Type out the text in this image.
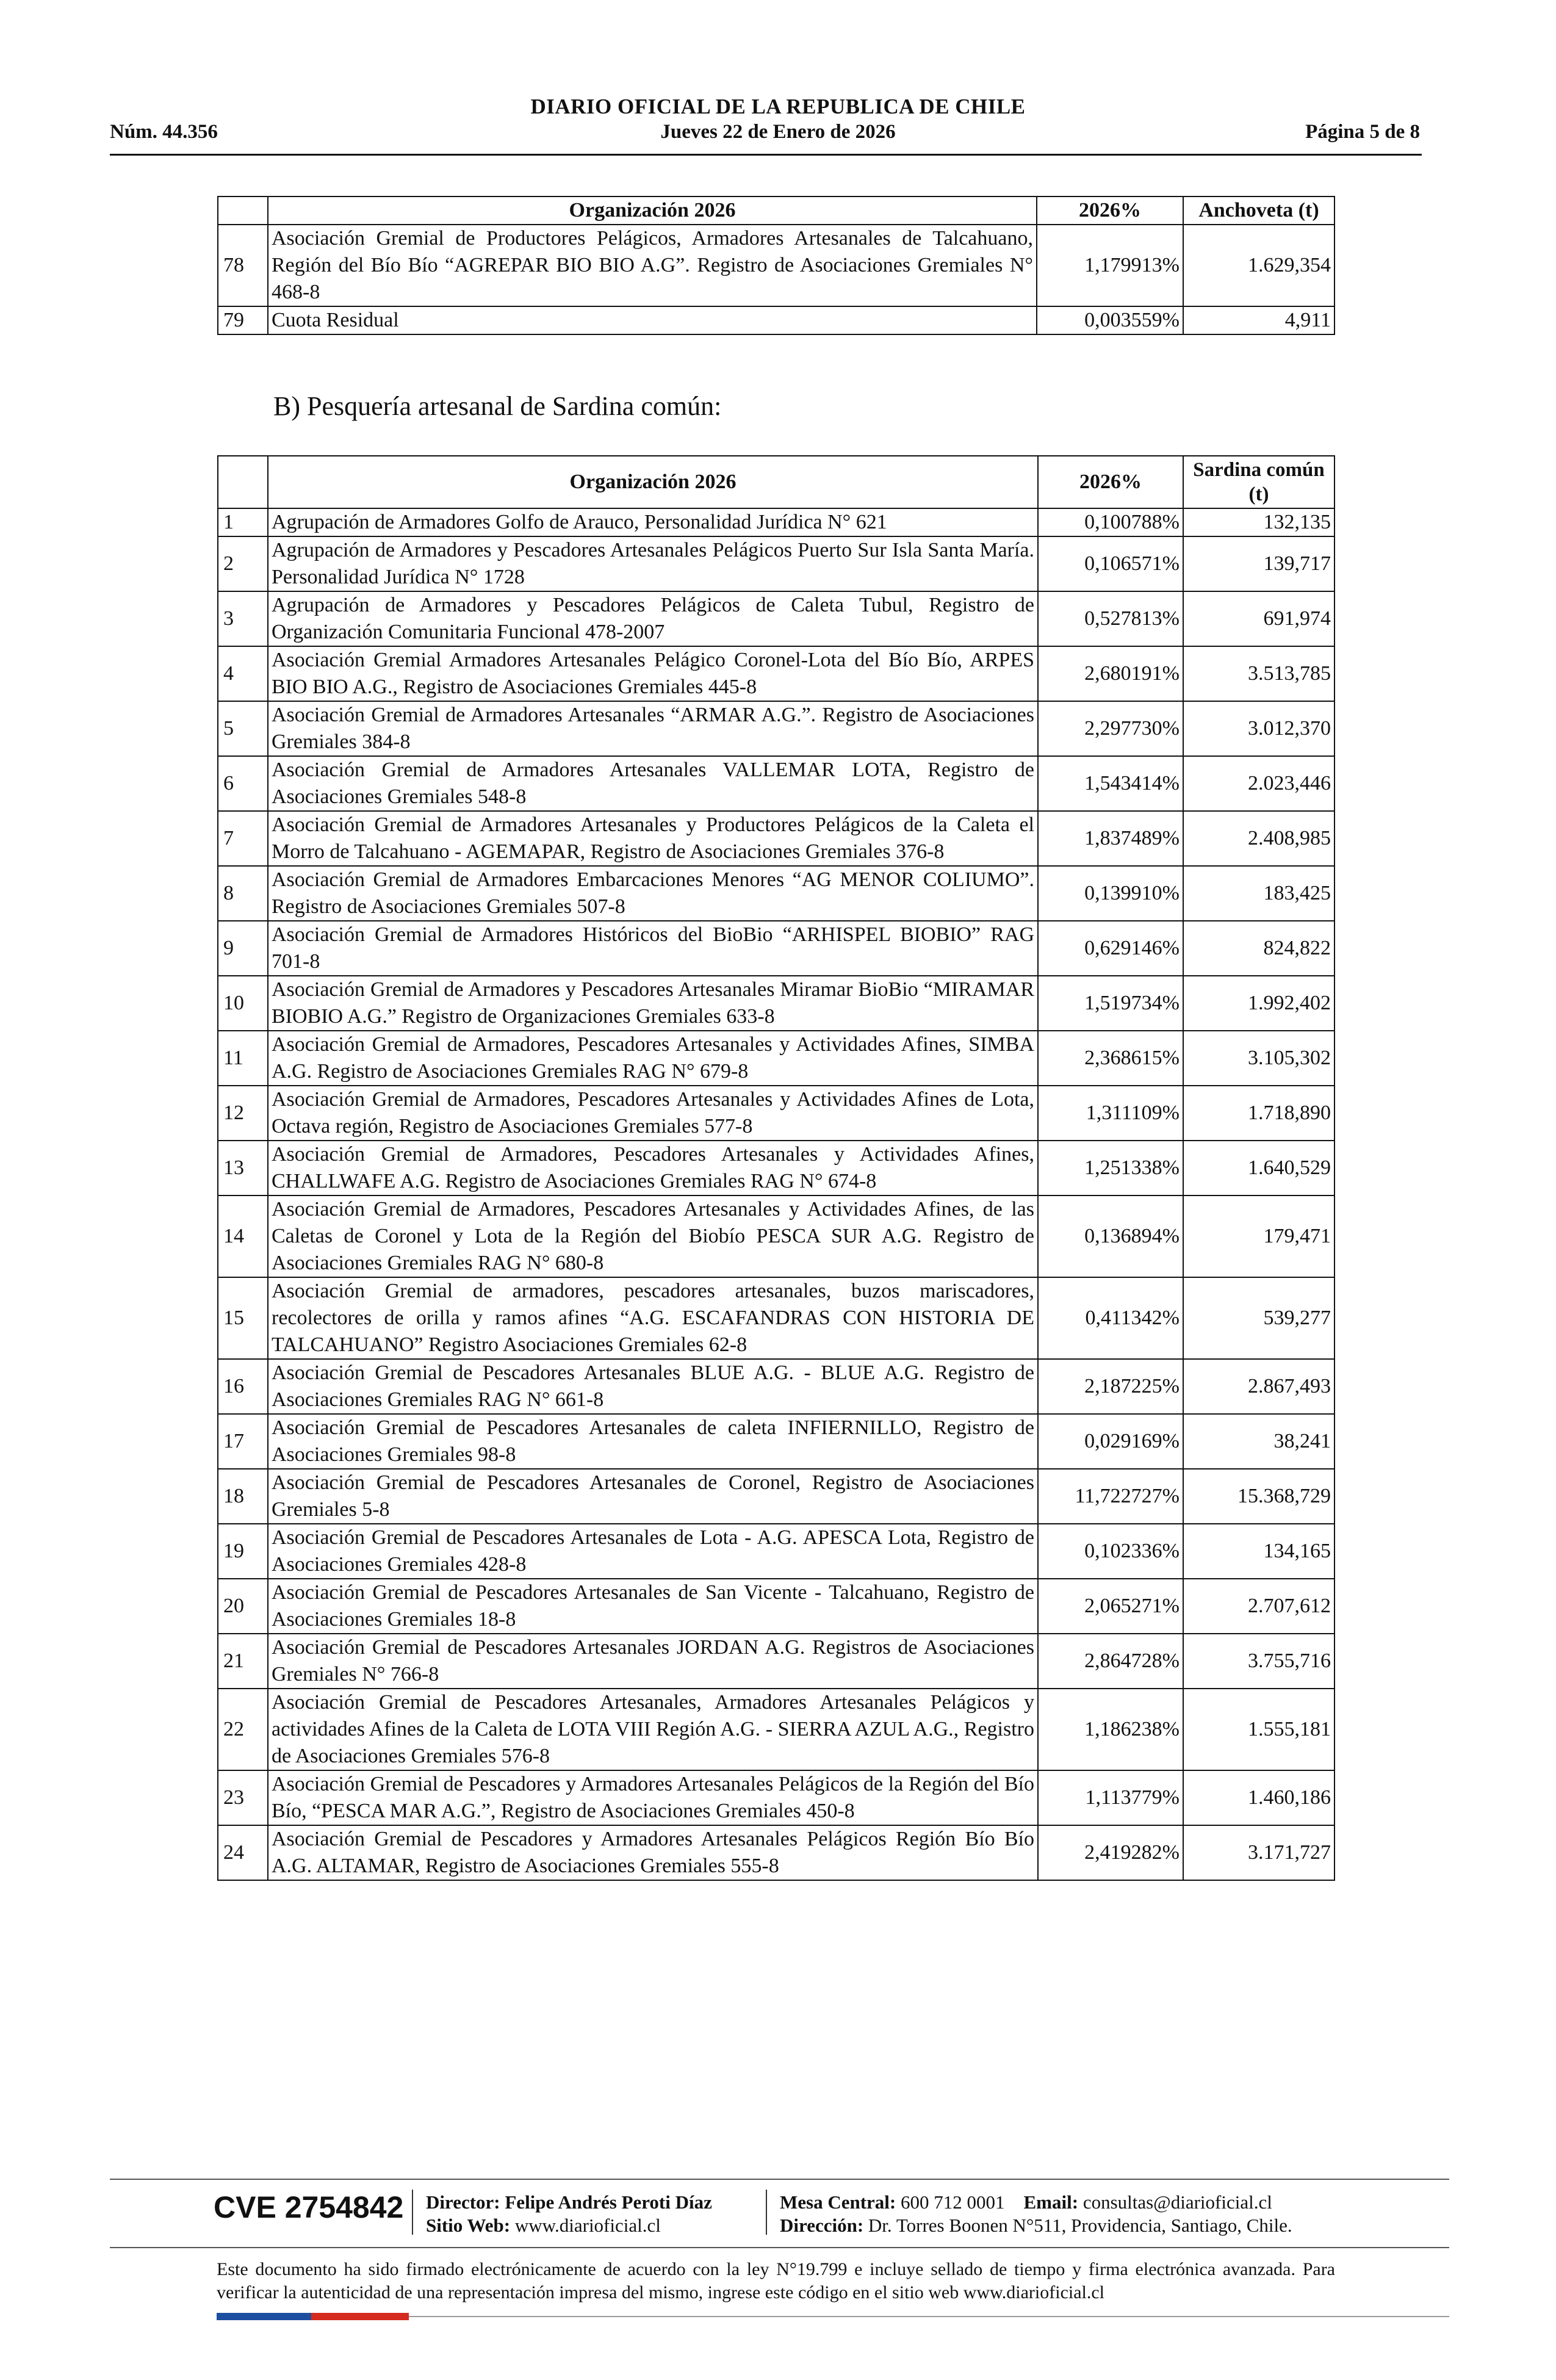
DIARIO OFICIAL DE LA REPUBLICA DE CHILE
Núm. 44.356	Jueves 22 de Enero de 2026	Página 5 de 8
	Organización 2026	2026%	Anchoveta (t)
78	Asociación Gremial de Productores Pelágicos, Armadores Artesanales de Talcahuano, Región del Bío Bío “AGREPAR BIO BIO A.G”. Registro de Asociaciones Gremiales N° 468-8	1,179913%	1.629,354
79	Cuota Residual	0,003559%	4,911
B) Pesquería artesanal de Sardina común:
	Organización 2026	2026%	Sardina común (t)
1	Agrupación de Armadores Golfo de Arauco, Personalidad Jurídica N° 621	0,100788%	132,135
2	Agrupación de Armadores y Pescadores Artesanales Pelágicos Puerto Sur Isla Santa María. Personalidad Jurídica N° 1728	0,106571%	139,717
3	Agrupación de Armadores y Pescadores Pelágicos de Caleta Tubul, Registro de Organización Comunitaria Funcional 478-2007	0,527813%	691,974
4	Asociación Gremial Armadores Artesanales Pelágico Coronel-Lota del Bío Bío, ARPES BIO BIO A.G., Registro de Asociaciones Gremiales 445-8	2,680191%	3.513,785
5	Asociación Gremial de Armadores Artesanales “ARMAR A.G.”. Registro de Asociaciones Gremiales 384-8	2,297730%	3.012,370
6	Asociación Gremial de Armadores Artesanales VALLEMAR LOTA, Registro de Asociaciones Gremiales 548-8	1,543414%	2.023,446
7	Asociación Gremial de Armadores Artesanales y Productores Pelágicos de la Caleta el Morro de Talcahuano - AGEMAPAR, Registro de Asociaciones Gremiales 376-8	1,837489%	2.408,985
8	Asociación Gremial de Armadores Embarcaciones Menores “AG MENOR COLIUMO”. Registro de Asociaciones Gremiales 507-8	0,139910%	183,425
9	Asociación Gremial de Armadores Históricos del BioBio “ARHISPEL BIOBIO” RAG 701-8	0,629146%	824,822
10	Asociación Gremial de Armadores y Pescadores Artesanales Miramar BioBio “MIRAMAR BIOBIO A.G.” Registro de Organizaciones Gremiales 633-8	1,519734%	1.992,402
11	Asociación Gremial de Armadores, Pescadores Artesanales y Actividades Afines, SIMBA A.G. Registro de Asociaciones Gremiales RAG N° 679-8	2,368615%	3.105,302
12	Asociación Gremial de Armadores, Pescadores Artesanales y Actividades Afines de Lota, Octava región, Registro de Asociaciones Gremiales 577-8	1,311109%	1.718,890
13	Asociación Gremial de Armadores, Pescadores Artesanales y Actividades Afines, CHALLWAFE A.G. Registro de Asociaciones Gremiales RAG N° 674-8	1,251338%	1.640,529
14	Asociación Gremial de Armadores, Pescadores Artesanales y Actividades Afines, de las Caletas de Coronel y Lota de la Región del Biobío PESCA SUR A.G. Registro de Asociaciones Gremiales RAG N° 680-8	0,136894%	179,471
15	Asociación Gremial de armadores, pescadores artesanales, buzos mariscadores, recolectores de orilla y ramos afines “A.G. ESCAFANDRAS CON HISTORIA DE TALCAHUANO” Registro Asociaciones Gremiales 62-8	0,411342%	539,277
16	Asociación Gremial de Pescadores Artesanales BLUE A.G. - BLUE A.G. Registro de Asociaciones Gremiales RAG N° 661-8	2,187225%	2.867,493
17	Asociación Gremial de Pescadores Artesanales de caleta INFIERNILLO, Registro de Asociaciones Gremiales 98-8	0,029169%	38,241
18	Asociación Gremial de Pescadores Artesanales de Coronel, Registro de Asociaciones Gremiales 5-8	11,722727%	15.368,729
19	Asociación Gremial de Pescadores Artesanales de Lota - A.G. APESCA Lota, Registro de Asociaciones Gremiales 428-8	0,102336%	134,165
20	Asociación Gremial de Pescadores Artesanales de San Vicente - Talcahuano, Registro de Asociaciones Gremiales 18-8	2,065271%	2.707,612
21	Asociación Gremial de Pescadores Artesanales JORDAN A.G. Registros de Asociaciones Gremiales N° 766-8	2,864728%	3.755,716
22	Asociación Gremial de Pescadores Artesanales, Armadores Artesanales Pelágicos y actividades Afines de la Caleta de LOTA VIII Región A.G. - SIERRA AZUL A.G., Registro de Asociaciones Gremiales 576-8	1,186238%	1.555,181
23	Asociación Gremial de Pescadores y Armadores Artesanales Pelágicos de la Región del Bío Bío, “PESCA MAR A.G.”, Registro de Asociaciones Gremiales 450-8	1,113779%	1.460,186
24	Asociación Gremial de Pescadores y Armadores Artesanales Pelágicos Región Bío Bío A.G. ALTAMAR, Registro de Asociaciones Gremiales 555-8	2,419282%	3.171,727
CVE 2754842 Director: Felipe Andrés Peroti Díaz
Sitio Web: www.diarioficial.cl
Mesa Central: 600 712 0001 Email: consultas@diarioficial.cl
Dirección: Dr. Torres Boonen N°511, Providencia, Santiago, Chile.
Este documento ha sido firmado electrónicamente de acuerdo con la ley N°19.799 e incluye sellado de tiempo y firma electrónica avanzada. Para verificar la autenticidad de una representación impresa del mismo, ingrese este código en el sitio web www.diarioficial.cl
